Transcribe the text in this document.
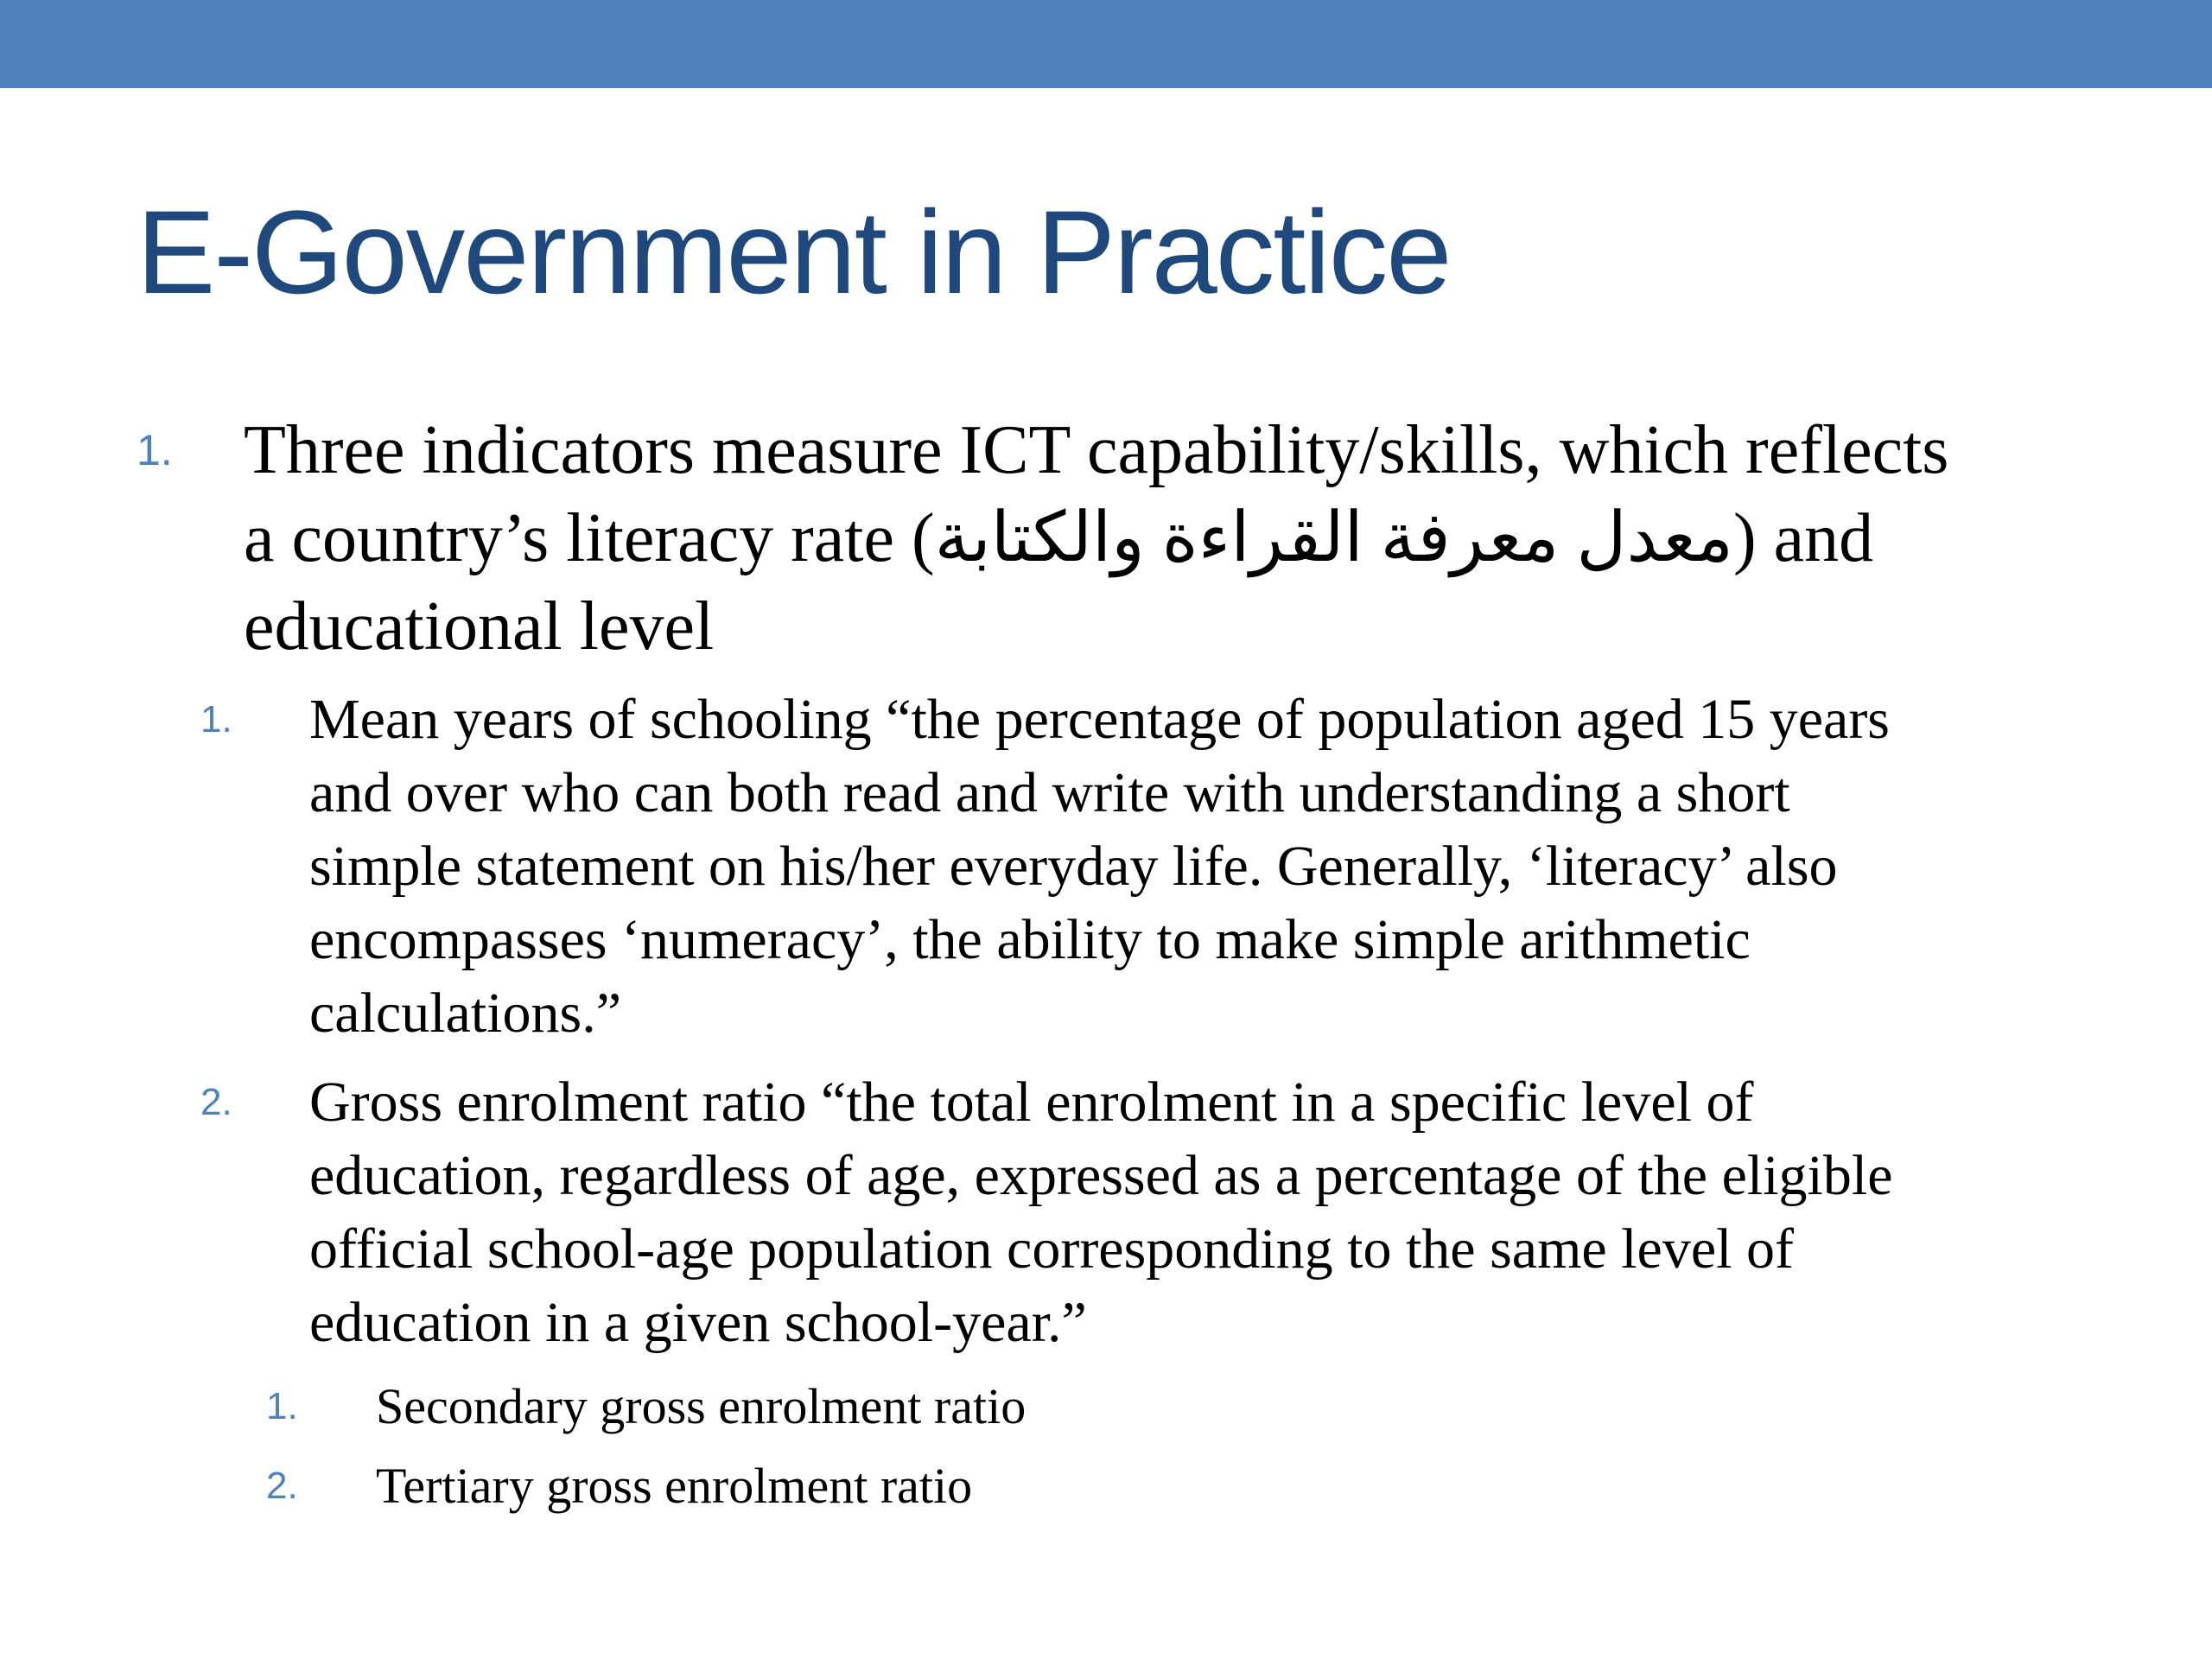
E-Government in Practice
1. Three indicators measure ICT capability/skills, which reflects

a country’s literacy rate (معدل معرفة القراءة والكتابة) and

educational level

1. Mean years of schooling “the percentage of population aged 15 years

and over who can both read and write with understanding a short

simple statement on his/her everyday life. Generally, ‘literacy’ also

encompasses ‘numeracy’, the ability to make simple arithmetic

calculations.”

2. Gross enrolment ratio “the total enrolment in a specific level of

education, regardless of age, expressed as a percentage of the eligible

official school-age population corresponding to the same level of

education in a given school-year.”

1. Secondary gross enrolment ratio

2. Tertiary gross enrolment ratio
